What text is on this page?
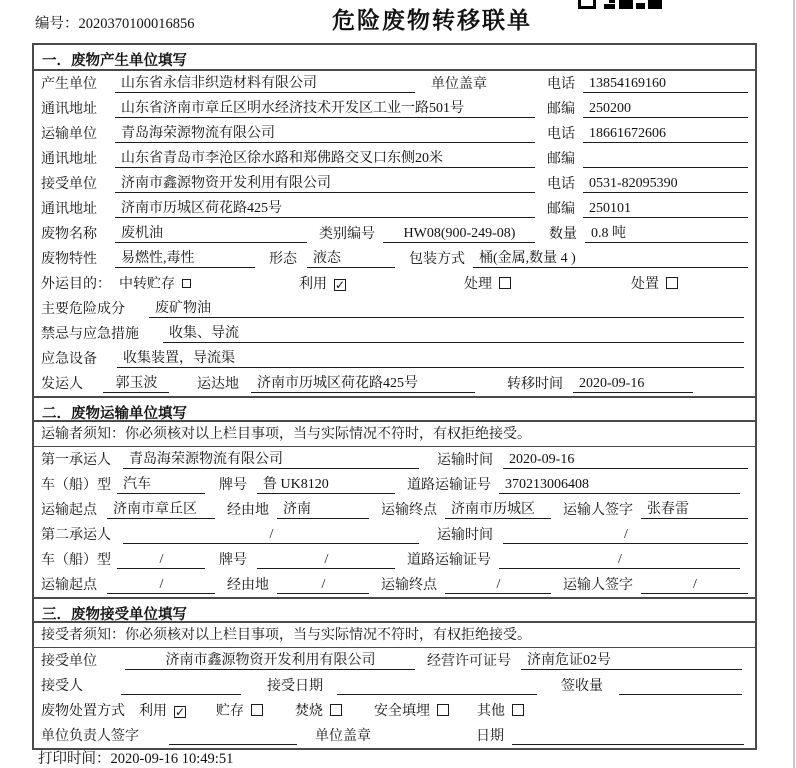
编号：2020370100016856	危险废物转移联单
一．废物产生单位填写
产生单位	山东省永信非织造材料有限公司	单位盖章	电话	13854169160
通讯地址	山东省济南市章丘区明水经济技术开发区工业一路501号	邮编	250200
运输单位	青岛海荣源物流有限公司	电话	18661672606
通讯地址	山东省青岛市李沧区徐水路和郑佛路交叉口东侧20米	邮编
接受单位	济南市鑫源物资开发利用有限公司	电话	0531-82095390
通讯地址	济南市历城区荷花路425号	邮编	250101
废物名称	废机油	类别编号	HW08(900-249-08)	数量	0.8 吨
废物特性	易燃性,毒性	形态	液态	包装方式	桶(金属,数量 4 )
外运目的： 中转贮存	利用 ✓	处理	处置
主要危险成分	废矿物油
禁忌与应急措施	收集、导流
应急设备	收集装置，导流渠
发运人	郭玉波	运达地	济南市历城区荷花路425号	转移时间	2020-09-16
二．废物运输单位填写
运输者须知：你必须核对以上栏目事项，当与实际情况不符时，有权拒绝接受。
第一承运人	青岛海荣源物流有限公司	运输时间	2020-09-16
车（船）型 汽车	牌号	鲁 UK8120	道路运输证号	370213006408
运输起点	济南市章丘区	经由地	济南	运输终点	济南市历城区	运输人签字	张春雷
第二承运人	/	运输时间	/
车（船）型	/	牌号	/	道路运输证号	/
运输起点	/	经由地	/	运输终点	/	运输人签字	/
三．废物接受单位填写
接受者须知：你必须核对以上栏目事项，当与实际情况不符时，有权拒绝接受。
接受单位	济南市鑫源物资开发利用有限公司	经营许可证号	济南危证02号
接受人	接受日期	签收量
废物处置方式 利用 ✓ 贮存	焚烧	安全填埋	其他
单位负责人签字	单位盖章	日期
打印时间：2020-09-16 10:49:51
